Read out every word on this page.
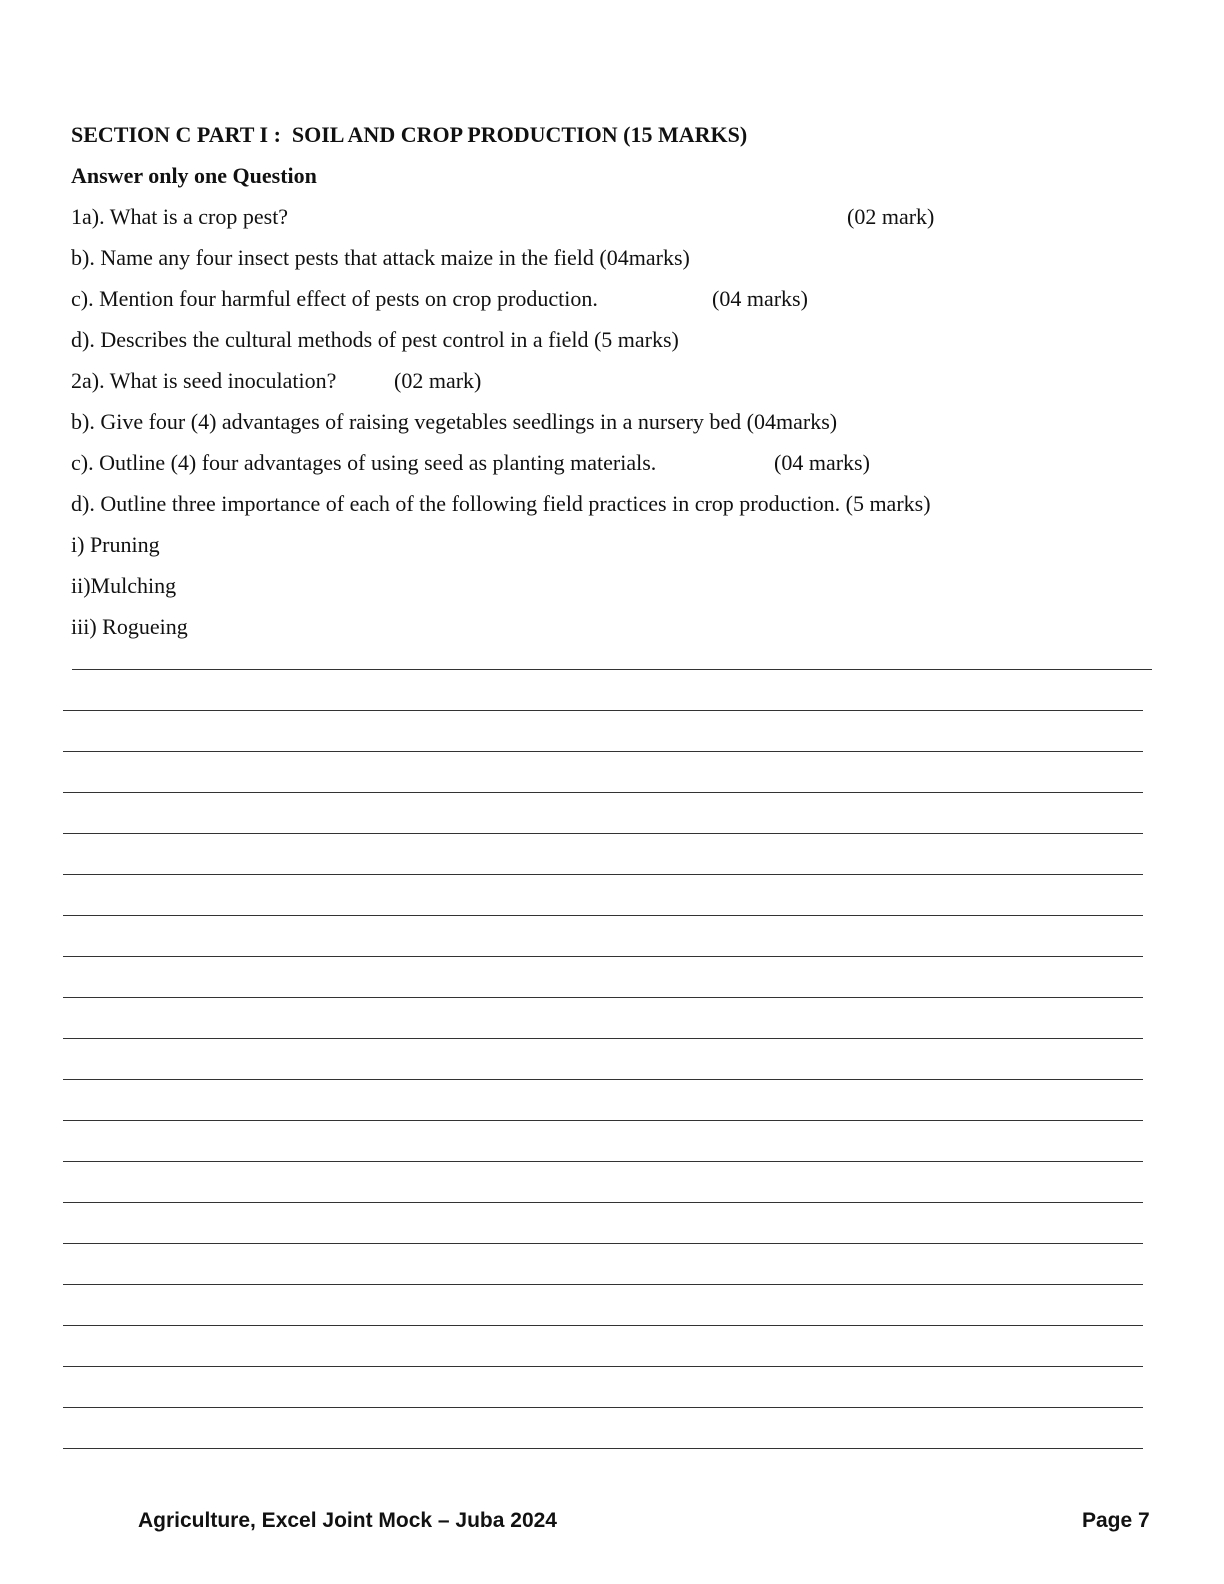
SECTION C PART I :  SOIL AND CROP PRODUCTION (15 MARKS)
Answer only one Question
1a). What is a crop pest?	(02 mark)
b). Name any four insect pests that attack maize in the field (04marks)
c). Mention four harmful effect of pests on crop production.	(04 marks)
d). Describes the cultural methods of pest control in a field (5 marks)
2a). What is seed inoculation?	(02 mark)
b). Give four (4) advantages of raising vegetables seedlings in a nursery bed (04marks)
c). Outline (4) four advantages of using seed as planting materials.	(04 marks)
d). Outline three importance of each of the following field practices in crop production. (5 marks)
i) Pruning
ii)Mulching
iii) Rogueing
Agriculture, Excel Joint Mock – Juba 2024	Page 7
